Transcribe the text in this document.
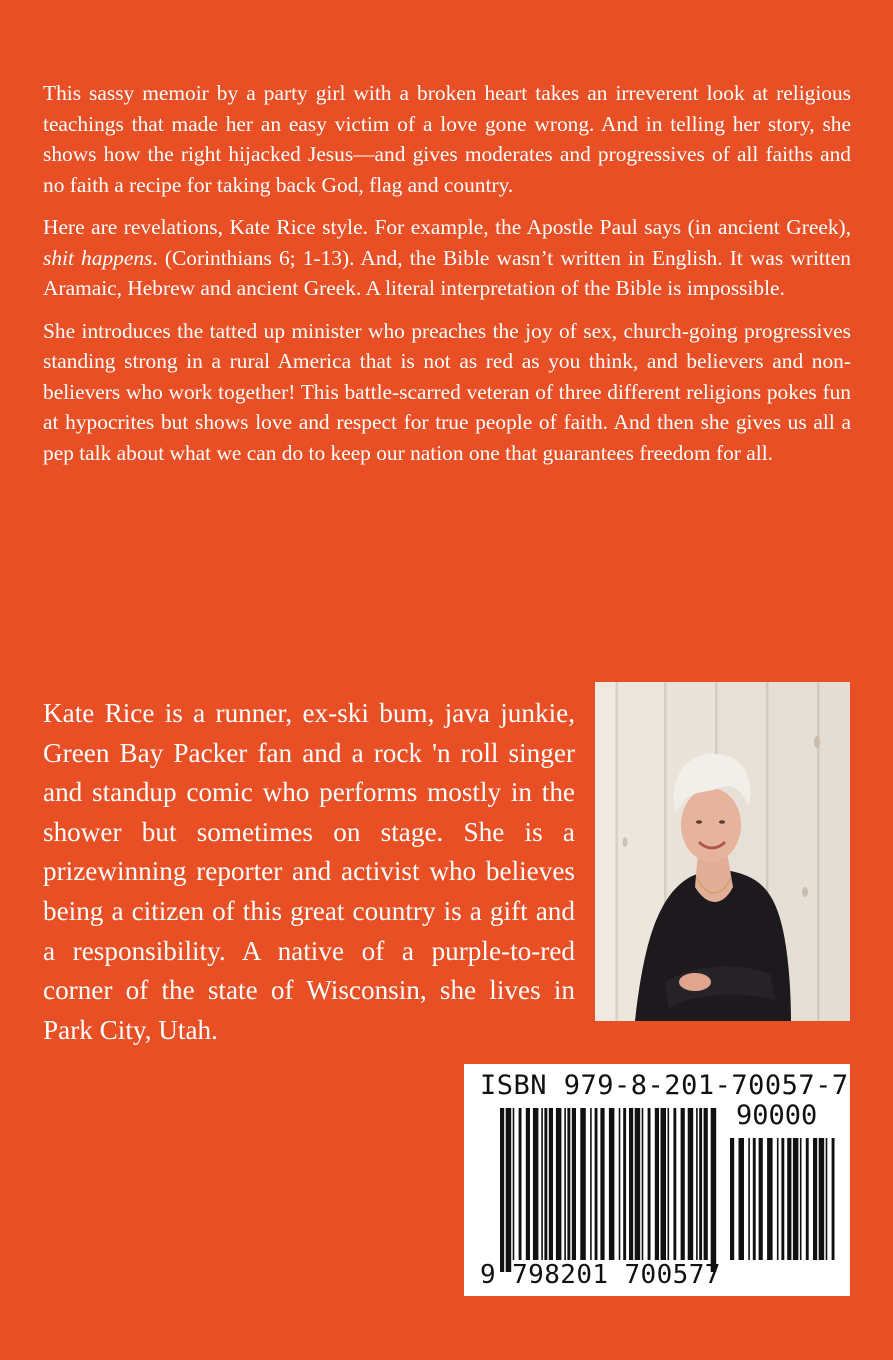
This sassy memoir by a party girl with a broken heart takes an irreverent look at religious teachings that made her an easy victim of a love gone wrong. And in telling her story, she shows how the right hijacked Jesus—and gives moderates and progressives of all faiths and no faith a recipe for taking back God, flag and country.

Here are revelations, Kate Rice style. For example, the Apostle Paul says (in ancient Greek), shit happens. (Corinthians 6; 1-13). And, the Bible wasn’t written in English. It was written Aramaic, Hebrew and ancient Greek. A literal interpretation of the Bible is impossible.

She introduces the tatted up minister who preaches the joy of sex, church-going progressives standing strong in a rural America that is not as red as you think, and believers and non-believers who work together! This battle-scarred veteran of three different religions pokes fun at hypocrites but shows love and respect for true people of faith. And then she gives us all a pep talk about what we can do to keep our nation one that guarantees freedom for all.

Kate Rice is a runner, ex-ski bum, java junkie, Green Bay Packer fan and a rock 'n roll singer and standup comic who performs mostly in the shower but sometimes on stage. She is a prizewinning reporter and activist who believes being a citizen of this great country is a gift and a responsibility. A native of a purple-to-red corner of the state of Wisconsin, she lives in Park City, Utah.

ISBN 979-8-201-70057-7
90000
9 798201 700577
